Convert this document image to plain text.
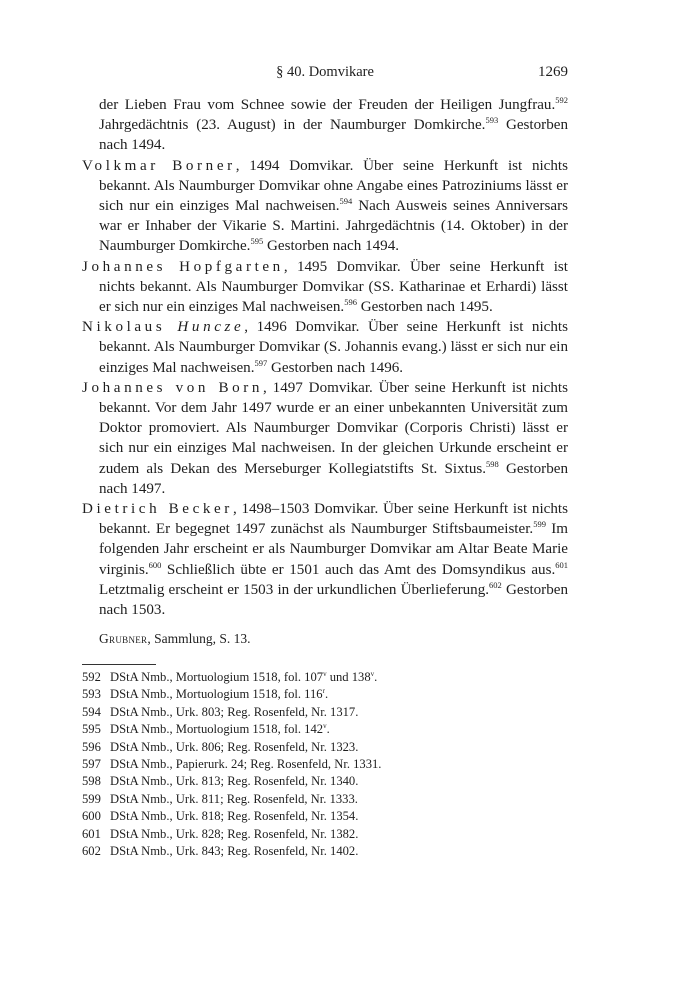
§ 40. Domvikare	1269

der Lieben Frau vom Schnee sowie der Freuden der Heiligen Jungfrau.$^{592}$ Jahrgedächtnis (23. August) in der Naumburger Domkirche.$^{593}$ Gestorben nach 1494.

Volkmar Borner, 1494 Domvikar. Über seine Herkunft ist nichts bekannt. Als Naumburger Domvikar ohne Angabe eines Patroziniums lässt er sich nur ein einziges Mal nachweisen.$^{594}$ Nach Ausweis seines Anniversars war er Inhaber der Vikarie S. Martini. Jahrgedächtnis (14. Oktober) in der Naumburger Domkirche.$^{595}$ Gestorben nach 1494.

Johannes Hopfgarten, 1495 Domvikar. Über seine Herkunft ist nichts bekannt. Als Naumburger Domvikar (SS. Katharinae et Erhardi) lässt er sich nur ein einziges Mal nachweisen.$^{596}$ Gestorben nach 1495.

Nikolaus Huncze, 1496 Domvikar. Über seine Herkunft ist nichts bekannt. Als Naumburger Domvikar (S. Johannis evang.) lässt er sich nur ein einziges Mal nachweisen.$^{597}$ Gestorben nach 1496.

Johannes von Born, 1497 Domvikar. Über seine Herkunft ist nichts bekannt. Vor dem Jahr 1497 wurde er an einer unbekannten Universität zum Doktor promoviert. Als Naumburger Domvikar (Corporis Christi) lässt er sich nur ein einziges Mal nachweisen. In der gleichen Urkunde erscheint er zudem als Dekan des Merseburger Kollegiatstifts St. Sixtus.$^{598}$ Gestorben nach 1497.

Dietrich Becker, 1498–1503 Domvikar. Über seine Herkunft ist nichts bekannt. Er begegnet 1497 zunächst als Naumburger Stiftsbaumeister.$^{599}$ Im folgenden Jahr erscheint er als Naumburger Domvikar am Altar Beate Marie virginis.$^{600}$ Schließlich übte er 1501 auch das Amt des Domsyndikus aus.$^{601}$ Letztmalig erscheint er 1503 in der urkundlichen Überlieferung.$^{602}$ Gestorben nach 1503.

Grubner, Sammlung, S. 13.
592 DStA Nmb., Mortuologium 1518, fol. 107$^v$ und 138$^v$.
593 DStA Nmb., Mortuologium 1518, fol. 116$^r$.
594 DStA Nmb., Urk. 803; Reg. Rosenfeld, Nr. 1317.
595 DStA Nmb., Mortuologium 1518, fol. 142$^v$.
596 DStA Nmb., Urk. 806; Reg. Rosenfeld, Nr. 1323.
597 DStA Nmb., Papierurk. 24; Reg. Rosenfeld, Nr. 1331.
598 DStA Nmb., Urk. 813; Reg. Rosenfeld, Nr. 1340.
599 DStA Nmb., Urk. 811; Reg. Rosenfeld, Nr. 1333.
600 DStA Nmb., Urk. 818; Reg. Rosenfeld, Nr. 1354.
601 DStA Nmb., Urk. 828; Reg. Rosenfeld, Nr. 1382.
602 DStA Nmb., Urk. 843; Reg. Rosenfeld, Nr. 1402.
